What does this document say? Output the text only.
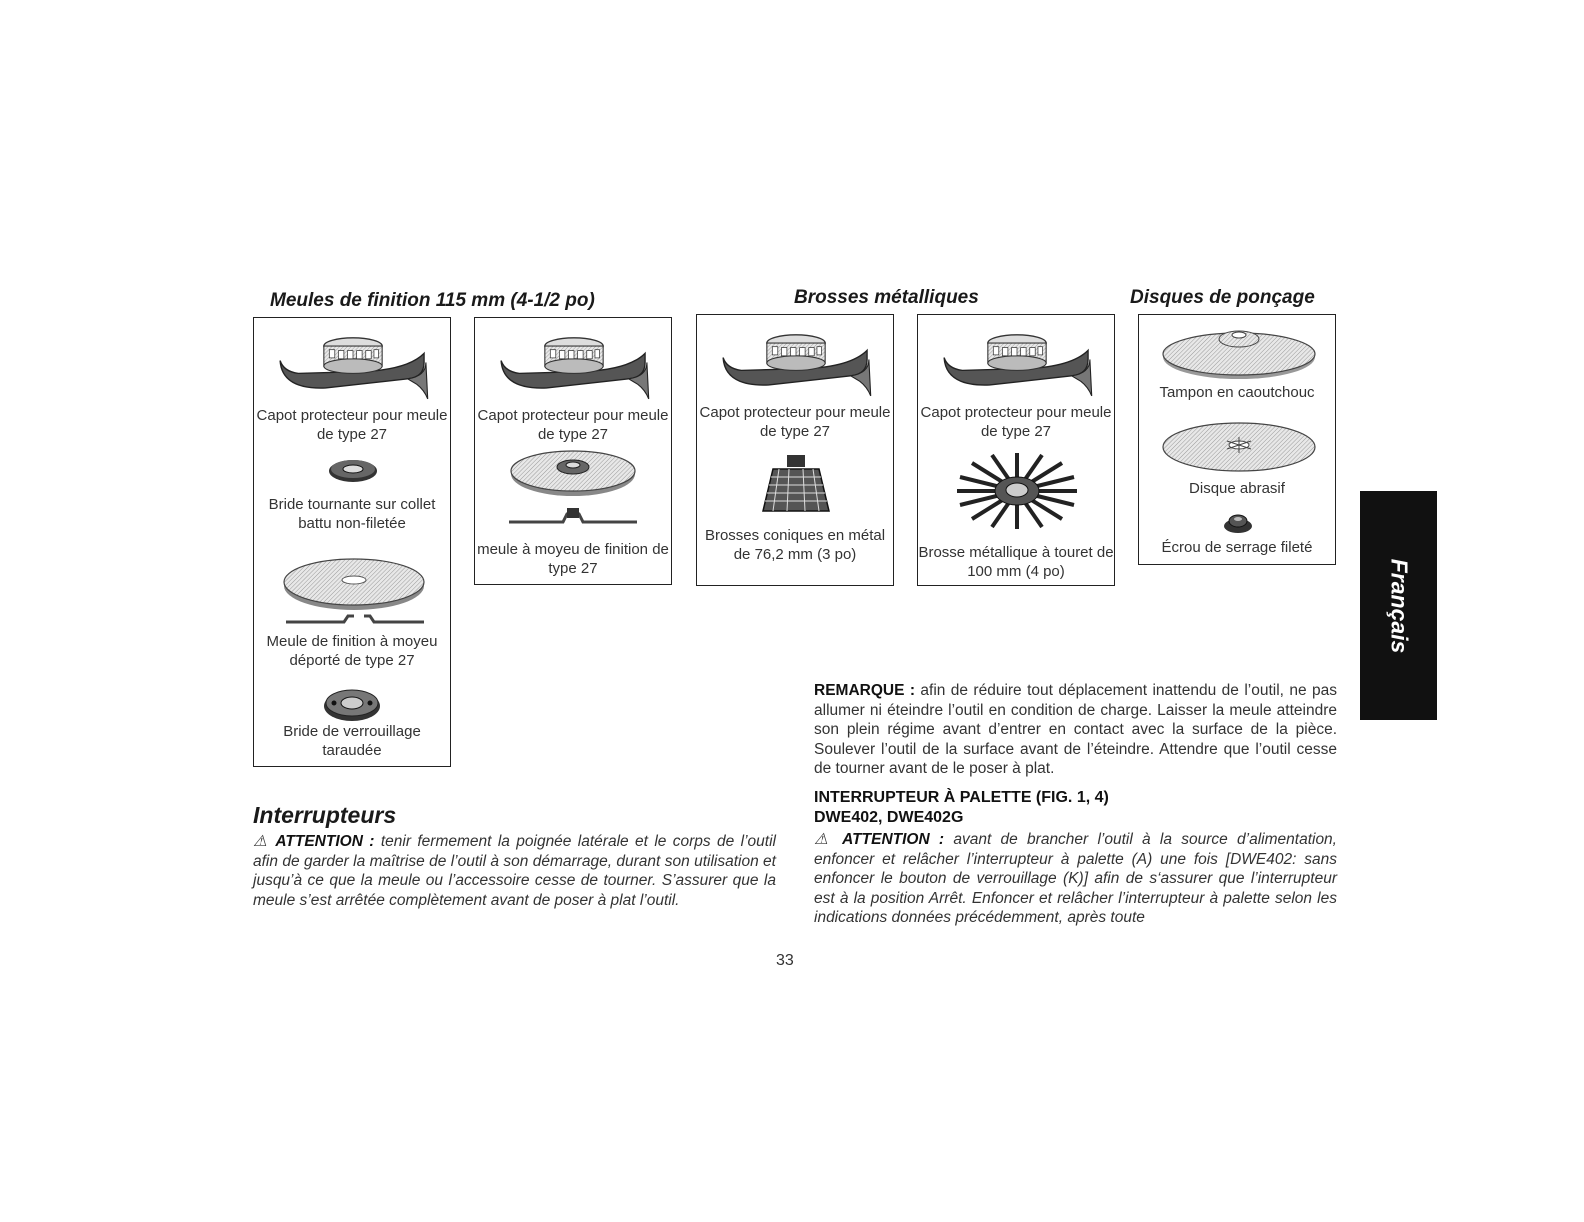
Meules de finition 115 mm (4-1/2 po)	Brosses métalliques	Disques de ponçage
Capot protecteur pour meule de type 27
Bride tournante sur collet battu non-filetée
Meule de finition à moyeu déporté de type 27
Bride de verrouillage taraudée
Capot protecteur pour meule de type 27
meule à moyeu de finition de type 27
Capot protecteur pour meule de type 27
Brosses coniques en métal de 76,2 mm (3 po)
Capot protecteur pour meule de type 27
Brosse métallique à touret de 100 mm (4 po)
Tampon en caoutchouc
Disque abrasif
Écrou de serrage fileté
Français
REMARQUE : afin de réduire tout déplacement inattendu de l’outil, ne pas allumer ni éteindre l’outil en condition de charge. Laisser la meule atteindre son plein régime avant d’entrer en contact avec la surface de la pièce. Soulever l’outil de la surface avant de l’éteindre. Attendre que l’outil cesse de tourner avant de le poser à plat.
INTERRUPTEUR À PALETTE (FIG. 1, 4)
DWE402, DWE402G
⚠ ATTENTION : avant de brancher l’outil à la source d’alimentation, enfoncer et relâcher l’interrupteur à palette (A) une fois [DWE402: sans enfoncer le bouton de verrouillage (K)] afin de s‘assurer que l’interrupteur est à la position Arrêt. Enfoncer et relâcher l’interrupteur à palette selon les indications données précédemment, après toute
Interrupteurs
⚠ ATTENTION : tenir fermement la poignée latérale et le corps de l’outil afin de garder la maîtrise de l’outil à son démarrage, durant son utilisation et jusqu’à ce que la meule ou l’accessoire cesse de tourner. S’assurer que la meule s’est arrêtée complètement avant de poser à plat l’outil.
33
